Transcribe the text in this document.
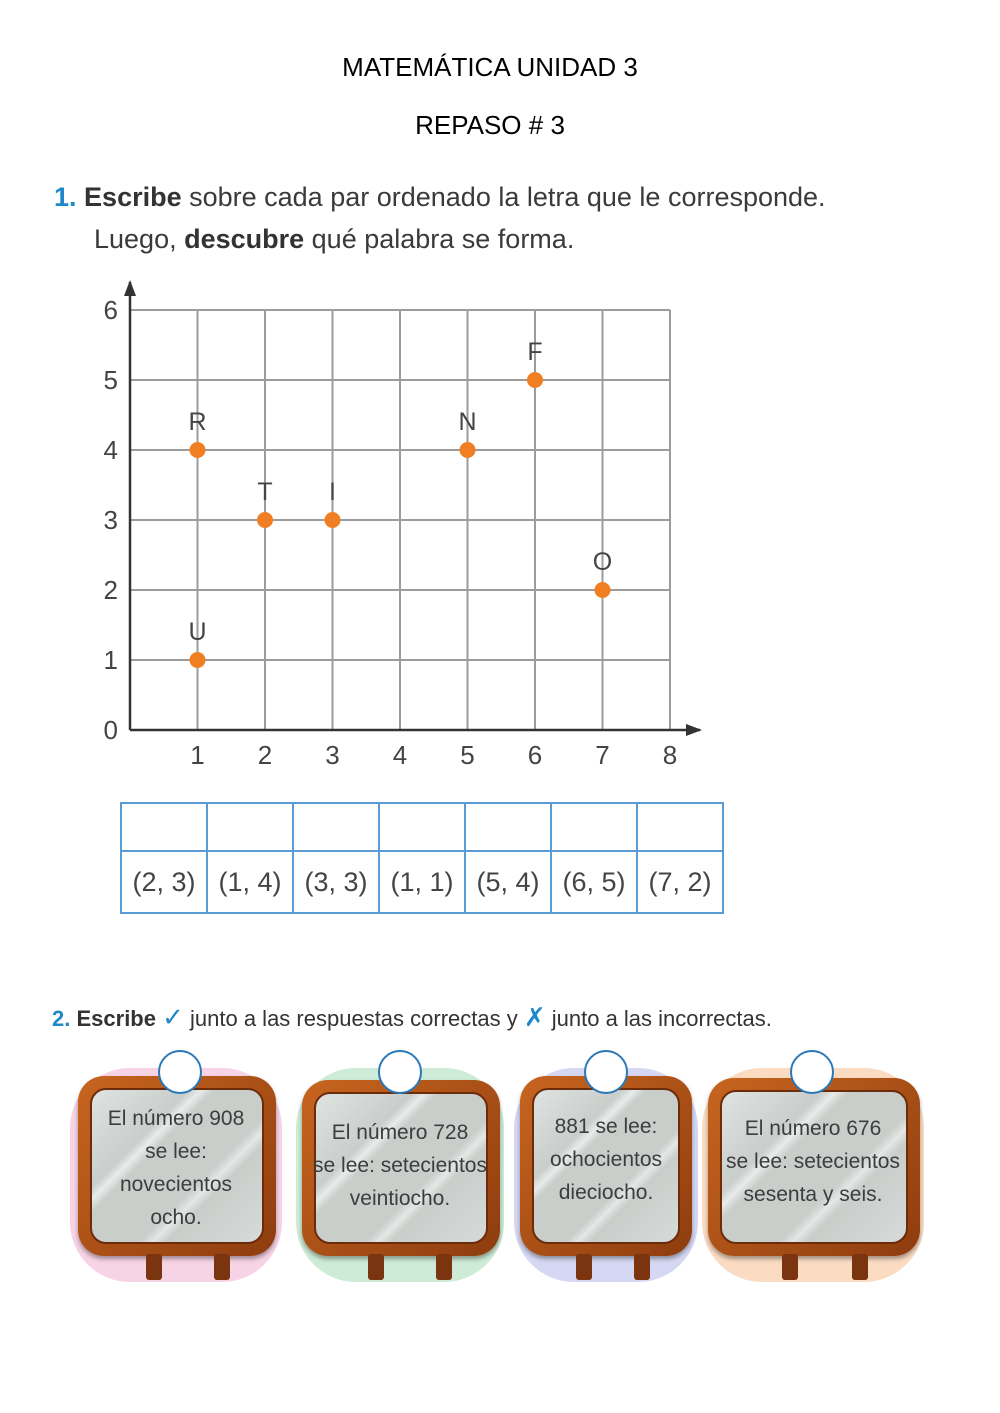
MATEMÁTICA UNIDAD 3
REPASO # 3
1. Escribe sobre cada par ordenado la letra que le corresponde.
Luego, descubre qué palabra se forma.
1 2 3 4 5 6 7 8
0
1
2
3
4
5
6
R
U
T I
N
F
O

(2, 3)	(1, 4)	(3, 3)	(1, 1)	(5, 4)	(6, 5)	(7, 2)
2. Escribe ✓ junto a las respuestas correctas y ✗ junto a las incorrectas.
El número 908
se lee:
novecientos
ocho.
El número 728
se lee: setecientos
veintiocho.
881 se lee:
ochocientos
dieciocho.
El número 676
se lee: setecientos
sesenta y seis.
